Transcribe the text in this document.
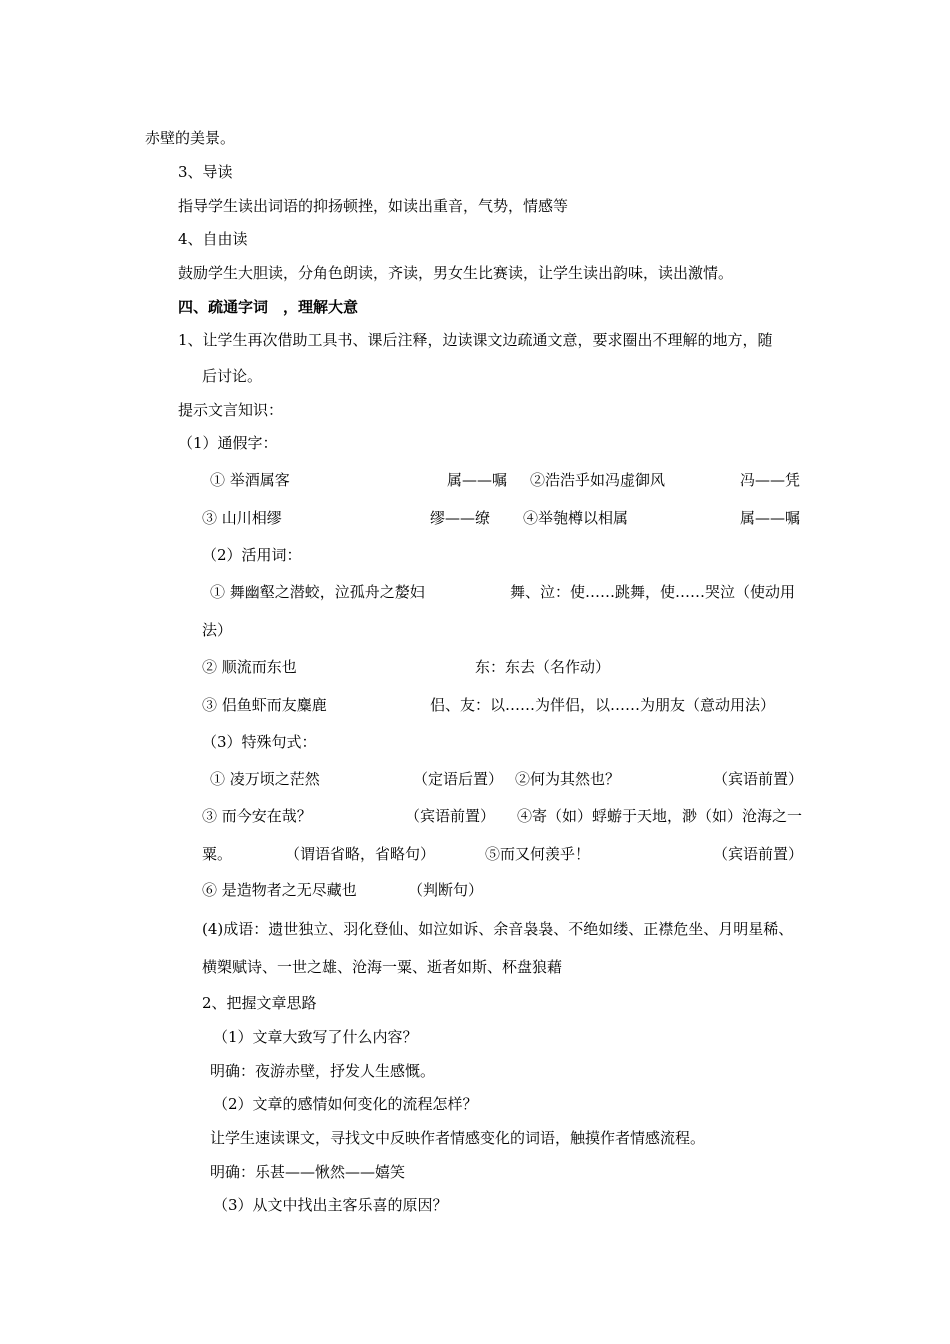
赤壁的美景。
3、导读
指导学生读出词语的抑扬顿挫，如读出重音，气势，情感等
4、自由读
鼓励学生大胆读，分角色朗读，齐读，男女生比赛读，让学生读出韵味，读出激情。
四、疏通字词　，理解大意
1、让学生再次借助工具书、课后注释，边读课文边疏通文意，要求圈出不理解的地方，随
后讨论。
提示文言知识：
（1）通假字：
① 举酒属客	属——嘱 ②浩浩乎如冯虚御风	冯——凭
③ 山川相缪	缪——缭 ④举匏樽以相属	属——嘱
（2）活用词：
① 舞幽壑之潜蛟，泣孤舟之嫠妇	舞、泣：使……跳舞，使……哭泣（使动用
法）
② 顺流而东也	东：东去（名作动）
③ 侣鱼虾而友麋鹿	侣、友：以……为伴侣，以……为朋友（意动用法）
（3）特殊句式：
① 凌万顷之茫然	（定语后置） ②何为其然也？	（宾语前置）
③ 而今安在哉？	（宾语前置） ④寄（如）蜉蝣于天地，渺（如）沧海之一
粟。	（谓语省略，省略句）	⑤而又何羡乎！	（宾语前置）
⑥ 是造物者之无尽藏也	（判断句）
(4)成语：遗世独立、羽化登仙、如泣如诉、余音袅袅、不绝如缕、正襟危坐、月明星稀、
横槊赋诗、一世之雄、沧海一粟、逝者如斯、杯盘狼藉
2、把握文章思路
（1）文章大致写了什么内容？
明确：夜游赤壁，抒发人生感慨。
（2）文章的感情如何变化的流程怎样？
让学生速读课文，寻找文中反映作者情感变化的词语，触摸作者情感流程。
明确：乐甚——愀然——嬉笑
（3）从文中找出主客乐喜的原因？
